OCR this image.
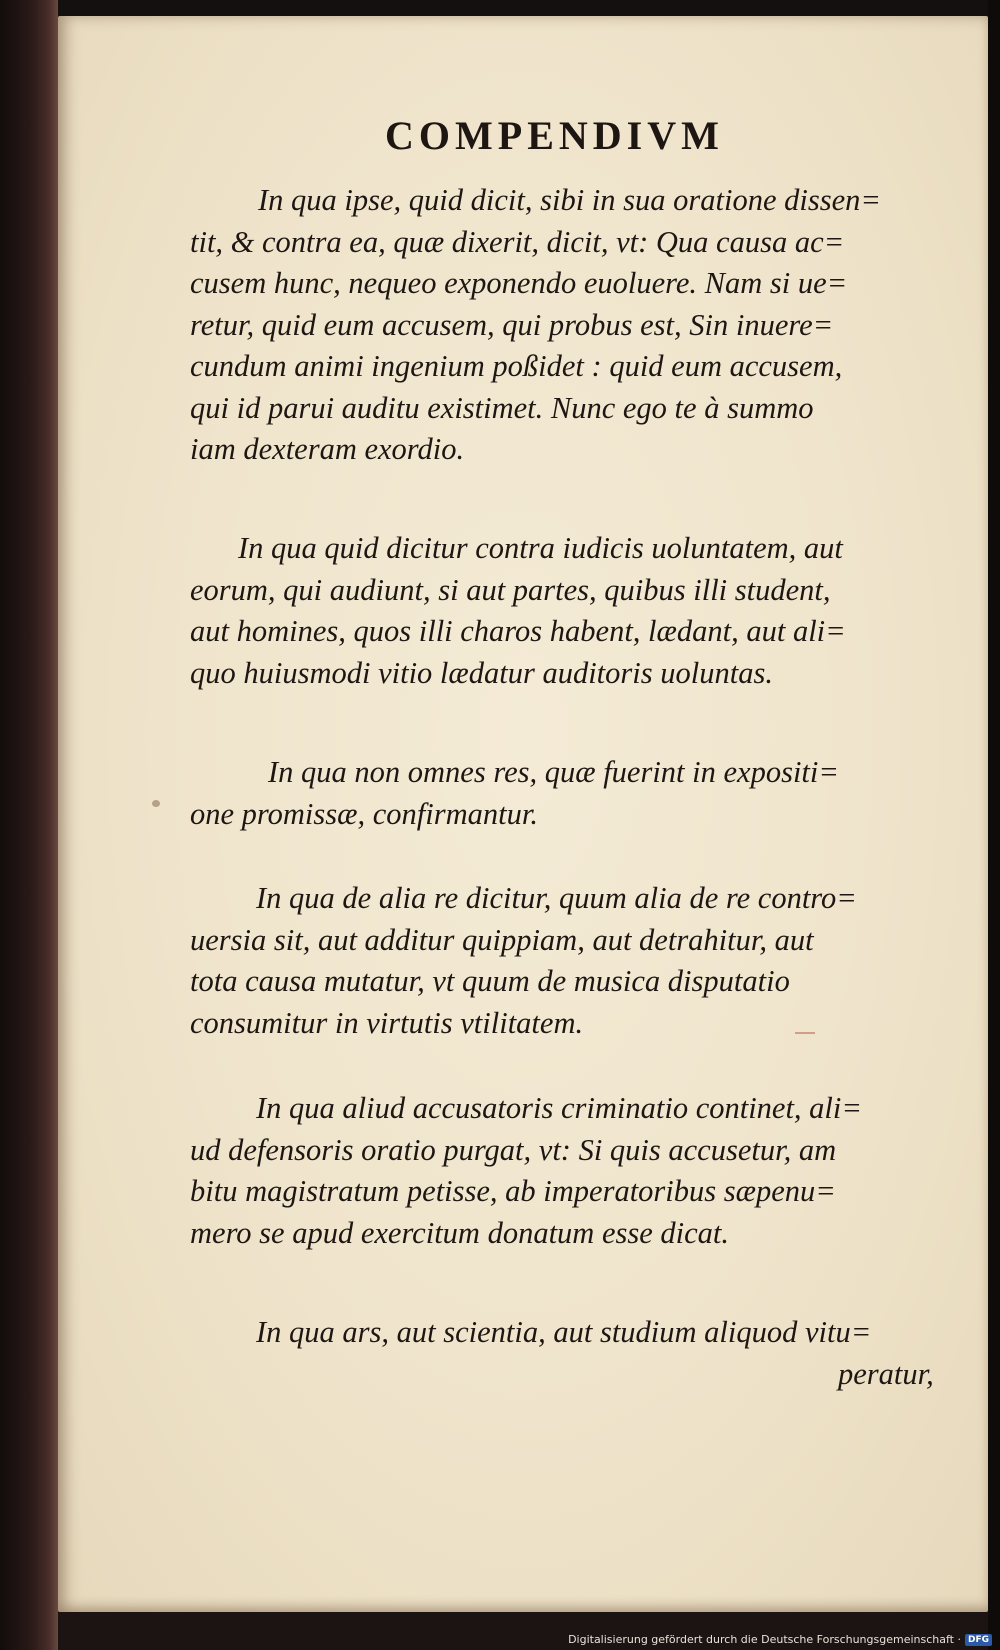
COMPENDIVM
In qua ipse, quid dicit, sibi in sua oratione dissen=
tit, & contra ea, quæ dixerit, dicit, vt: Qua causa ac=
cusem hunc, nequeo exponendo euoluere. Nam si ue=
retur, quid eum accusem, qui probus est, Sin inuere=
cundum animi ingenium poßidet : quid eum accusem,
qui id parui auditu existimet. Nunc ego te à summo
iam dexteram exordio.
In qua quid dicitur contra iudicis uoluntatem, aut
eorum, qui audiunt, si aut partes, quibus illi student,
aut homines, quos illi charos habent, lædant, aut ali=
quo huiusmodi vitio lædatur auditoris uoluntas.
In qua non omnes res, quæ fuerint in expositi=
one promissæ, confirmantur.
In qua de alia re dicitur, quum alia de re contro=
uersia sit, aut additur quippiam, aut detrahitur, aut
tota causa mutatur, vt quum de musica disputatio
consumitur in virtutis vtilitatem.
In qua aliud accusatoris criminatio continet, ali=
ud defensoris oratio purgat, vt: Si quis accusetur, am
bitu magistratum petisse, ab imperatoribus sæpenu=
mero se apud exercitum donatum esse dicat.
In qua ars, aut scientia, aut studium aliquod vitu=
peratur,
Digitalisierung gefördert durch die Deutsche Forschungsgemeinschaft · DFG
